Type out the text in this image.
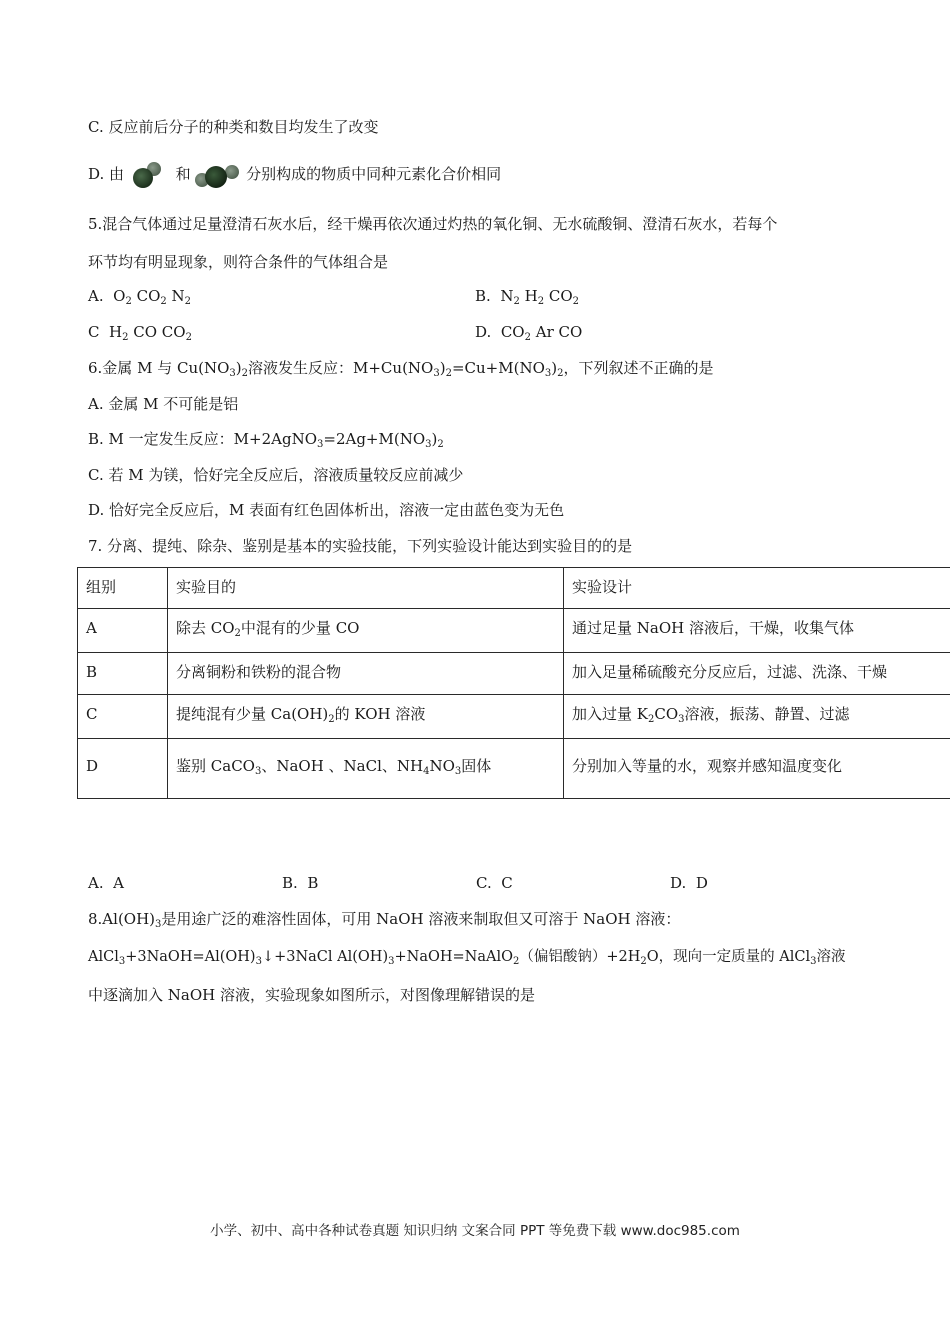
C. 反应前后分子的种类和数目均发生了改变
D. 由	和	分别构成的物质中同种元素化合价相同
5.混合气体通过足量澄清石灰水后，经干燥再依次通过灼热的氧化铜、无水硫酸铜、澄清石灰水，若每个
环节均有明显现象，则符合条件的气体组合是
A. $O_2$ $CO_2$ $N_2$	B. $N_2$ $H_2$ $CO_2$
C $H_2$ CO $CO_2$	D. $CO_2$ Ar CO
6.金属 M 与 $Cu(NO_3)_2$溶液发生反应：$M+Cu(NO_3)_2=Cu+M(NO_3)_2$，下列叙述不正确的是
A. 金属 M 不可能是铝
B. M 一定发生反应：$M+2AgNO_3=2Ag+M(NO_3)_2$
C. 若 M 为镁，恰好完全反应后，溶液质量较反应前减少
D. 恰好完全反应后，M 表面有红色固体析出，溶液一定由蓝色变为无色
7. 分离、提纯、除杂、鉴别是基本的实验技能，下列实验设计能达到实验目的的是
组别	实验目的	实验设计
A	除去 $CO_2$中混有的少量 CO	通过足量 NaOH 溶液后，干燥，收集气体
B	分离铜粉和铁粉的混合物	加入足量稀硫酸充分反应后，过滤、洗涤、干燥
C	提纯混有少量 $Ca(OH)_2$的 KOH 溶液	加入过量 $K_2CO_3$溶液，振荡、静置、过滤
D	鉴别 CaCO$_3$、NaOH 、NaCl、$NH_4NO_3$固体	分别加入等量的水，观察并感知温度变化
A. A	B. B	C. C	D. D
$8.Al(OH)_3$是用途广泛的难溶性固体，可用 NaOH 溶液来制取但又可溶于 NaOH 溶液：
$AlCl_3+3NaOH=Al(OH)_3↓+3NaCl$ $Al(OH)_3+NaOH=NaAlO_2$（偏铝酸钠）$+2H_2O$，现向一定质量的 AlCl$_3$溶液
中逐滴加入 NaOH 溶液，实验现象如图所示，对图像理解错误的是
小学、初中、高中各种试卷真题 知识归纳 文案合同 PPT 等免费下载 www.doc985.com
